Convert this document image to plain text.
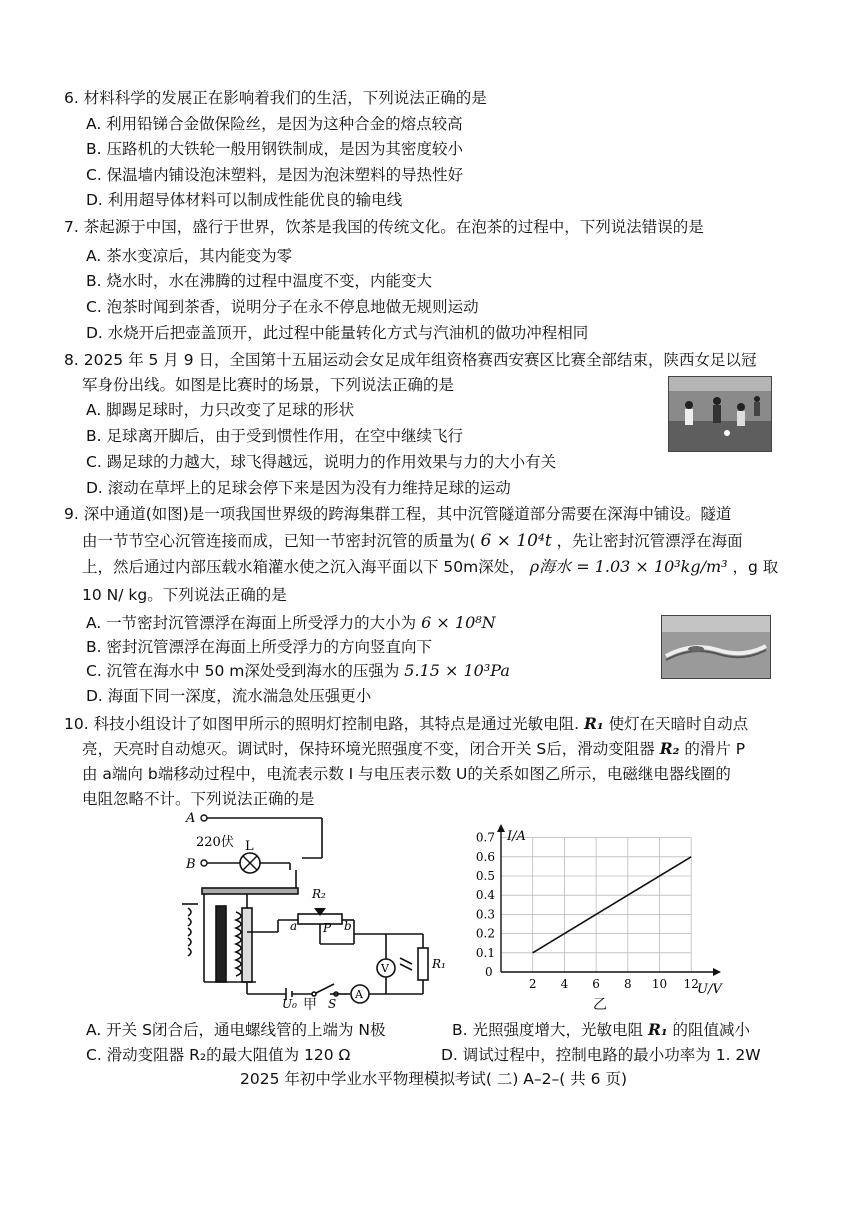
6. 材料科学的发展正在影响着我们的生活，下列说法正确的是
A. 利用铅锑合金做保险丝，是因为这种合金的熔点较高
B. 压路机的大铁轮一般用钢铁制成，是因为其密度较小
C. 保温墙内铺设泡沫塑料，是因为泡沫塑料的导热性好
D. 利用超导体材料可以制成性能优良的输电线
7. 茶起源于中国，盛行于世界，饮茶是我国的传统文化。在泡茶的过程中，下列说法错误的是
A. 茶水变凉后，其内能变为零
B. 烧水时，水在沸腾的过程中温度不变，内能变大
C. 泡茶时闻到茶香，说明分子在永不停息地做无规则运动
D. 水烧开后把壶盖顶开，此过程中能量转化方式与汽油机的做功冲程相同
8. 2025 年 5 月 9 日，全国第十五届运动会女足成年组资格赛西安赛区比赛全部结束，陕西女足以冠
军身份出线。如图是比赛时的场景，下列说法正确的是
A. 脚踢足球时，力只改变了足球的形状
B. 足球离开脚后，由于受到惯性作用，在空中继续飞行
C. 踢足球的力越大，球飞得越远，说明力的作用效果与力的大小有关
D. 滚动在草坪上的足球会停下来是因为没有力维持足球的运动
9. 深中通道(如图)是一项我国世界级的跨海集群工程，其中沉管隧道部分需要在深海中铺设。隧道
由一节节空心沉管连接而成，已知一节密封沉管的质量为( 6 × 10⁴t ，先让密封沉管漂浮在海面
上，然后通过内部压载水箱灌水使之沉入海平面以下 50m深处， ρ海水 = 1.03 × 10³kg/m³ ，g 取
10 N/ kg。下列说法正确的是
A. 一节密封沉管漂浮在海面上所受浮力的大小为 6 × 10⁸N
B. 密封沉管漂浮在海面上所受浮力的方向竖直向下
C. 沉管在海水中 50 m深处受到海水的压强为 5.15 × 10³Pa
D. 海面下同一深度，流水湍急处压强更小
10. 科技小组设计了如图甲所示的照明灯控制电路，其特点是通过光敏电阻. R₁ 使灯在天暗时自动点
亮，天亮时自动熄灭。调试时，保持环境光照强度不变，闭合开关 S后，滑动变阻器 R₂ 的滑片 P
由 a端向 b端移动过程中，电流表示数 I 与电压表示数 U的关系如图乙所示，电磁继电器线圈的
电阻忽略不计。下列说法正确的是
A
B
220伏 L
R₂
a P b
V	R₁
A
S
U₀ 甲
2 4 6 8 10 12
0.1
0.2
0.3
0.4
0.5
0.6
0.7 I/A
U/V
0
乙
A. 开关 S闭合后，通电螺线管的上端为 N极	B. 光照强度增大，光敏电阻 R₁ 的阻值减小
C. 滑动变阻器 R₂的最大阻值为 120 Ω	D. 调试过程中，控制电路的最小功率为 1. 2W
2025 年初中学业水平物理模拟考试( 二) A–2–( 共 6 页)
